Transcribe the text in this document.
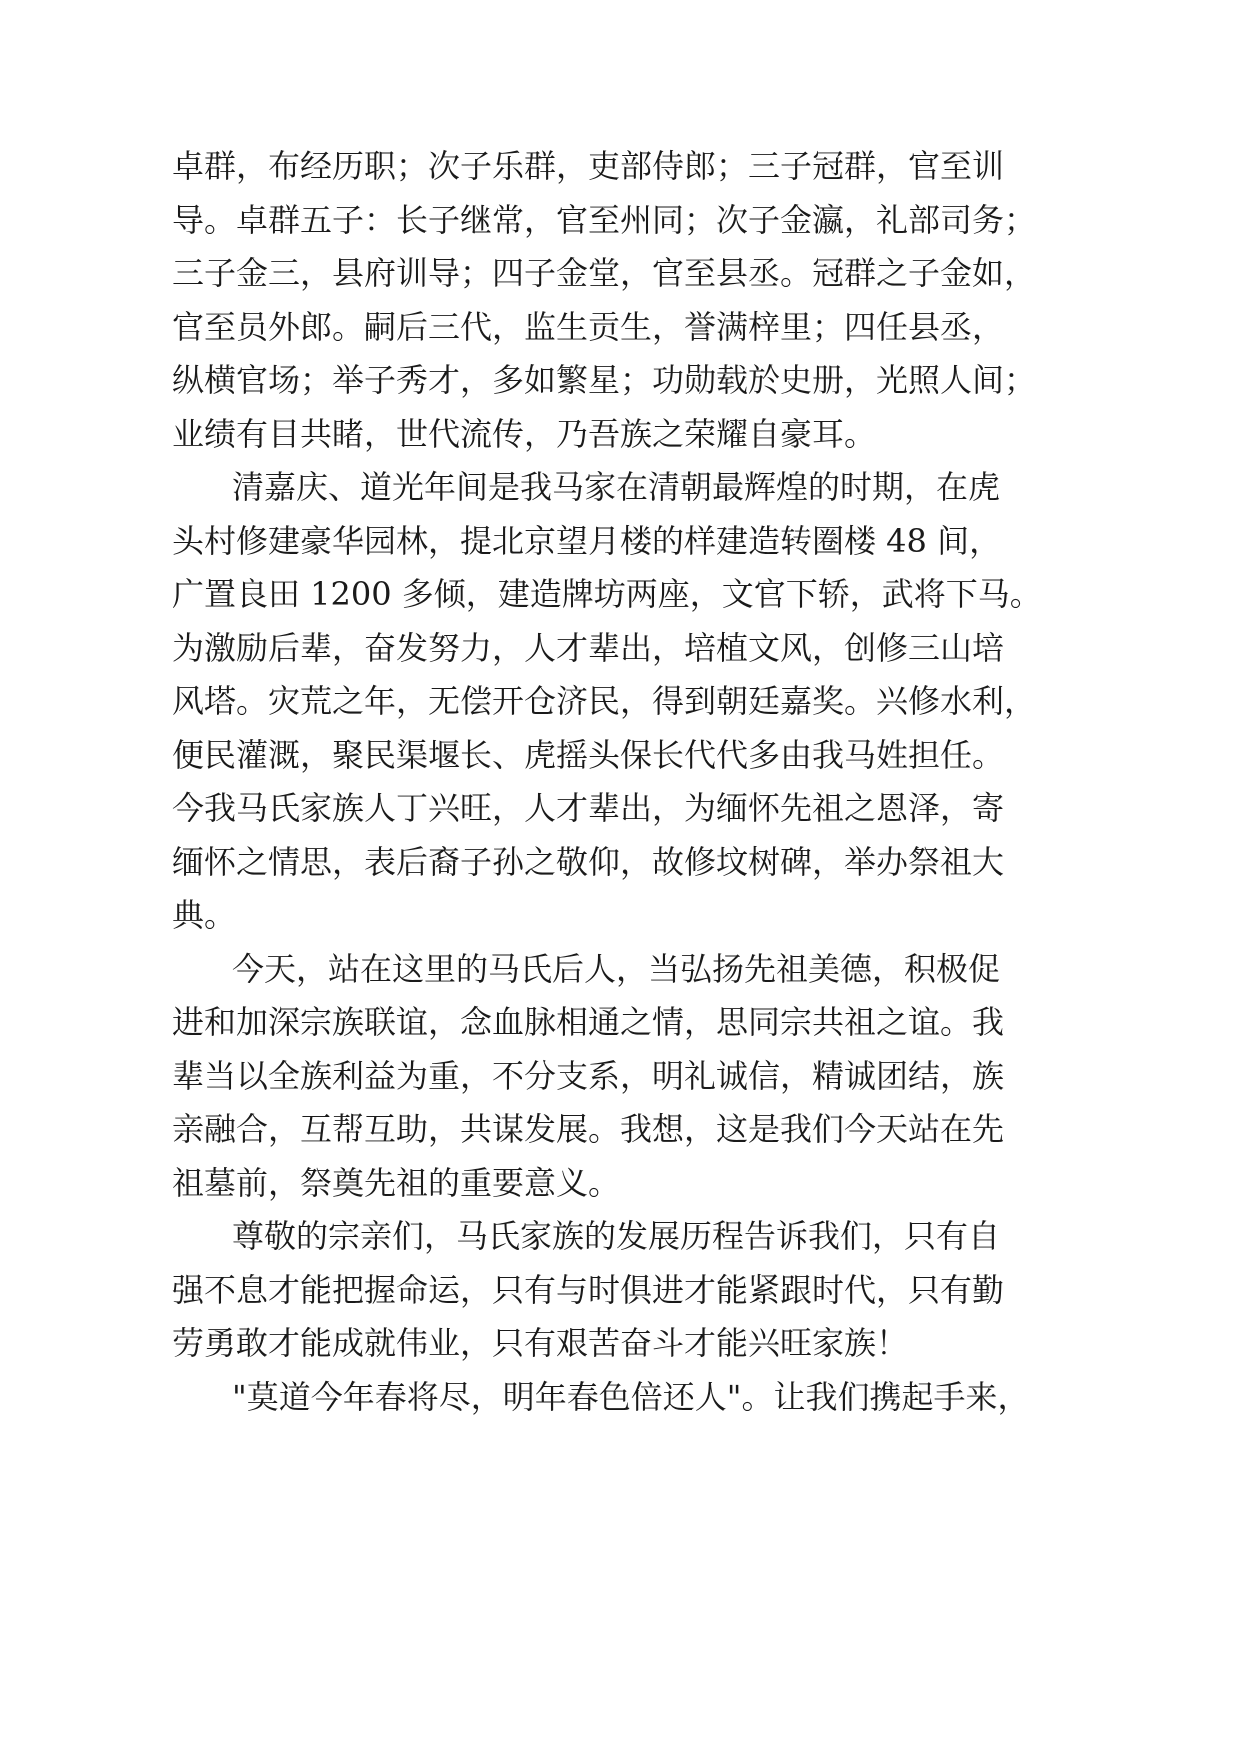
卓群，布经历职；次子乐群，吏部侍郎；三子冠群，官至训
导。卓群五子：长子继常，官至州同；次子金瀛，礼部司务；
三子金三，县府训导；四子金堂，官至县丞。冠群之子金如，
官至员外郎。嗣后三代，监生贡生，誉满梓里；四任县丞，
纵横官场；举子秀才，多如繁星；功勋载於史册，光照人间；
业绩有目共睹，世代流传，乃吾族之荣耀自豪耳。
清嘉庆、道光年间是我马家在清朝最辉煌的时期，在虎
头村修建豪华园林，提北京望月楼的样建造转圈楼 48 间，
广置良田 1200 多倾，建造牌坊两座，文官下轿，武将下马。
为激励后辈，奋发努力，人才辈出，培植文风，创修三山培
风塔。灾荒之年，无偿开仓济民，得到朝廷嘉奖。兴修水利，
便民灌溉，聚民渠堰长、虎摇头保长代代多由我马姓担任。
今我马氏家族人丁兴旺，人才辈出，为缅怀先祖之恩泽，寄
缅怀之情思，表后裔子孙之敬仰，故修坟树碑，举办祭祖大
典。
今天，站在这里的马氏后人，当弘扬先祖美德，积极促
进和加深宗族联谊，念血脉相通之情，思同宗共祖之谊。我
辈当以全族利益为重，不分支系，明礼诚信，精诚团结，族
亲融合，互帮互助，共谋发展。我想，这是我们今天站在先
祖墓前，祭奠先祖的重要意义。
尊敬的宗亲们，马氏家族的发展历程告诉我们，只有自
强不息才能把握命运，只有与时俱进才能紧跟时代，只有勤
劳勇敢才能成就伟业，只有艰苦奋斗才能兴旺家族！
"莫道今年春将尽，明年春色倍还人"。让我们携起手来，
